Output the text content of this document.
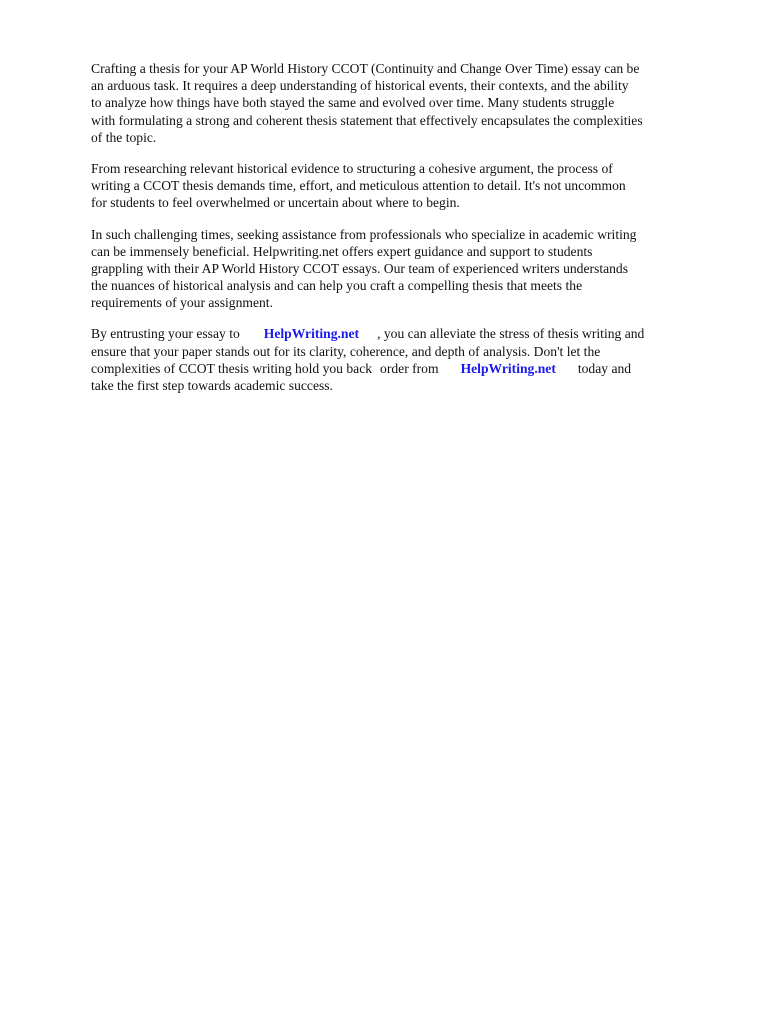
Crafting a thesis for your AP World History CCOT (Continuity and Change Over Time) essay can be
an arduous task. It requires a deep understanding of historical events, their contexts, and the ability
to analyze how things have both stayed the same and evolved over time. Many students struggle
with formulating a strong and coherent thesis statement that effectively encapsulates the complexities
of the topic.

From researching relevant historical evidence to structuring a cohesive argument, the process of
writing a CCOT thesis demands time, effort, and meticulous attention to detail. It's not uncommon
for students to feel overwhelmed or uncertain about where to begin.

In such challenging times, seeking assistance from professionals who specialize in academic writing
can be immensely beneficial. Helpwriting.net offers expert guidance and support to students
grappling with their AP World History CCOT essays. Our team of experienced writers understands
the nuances of historical analysis and can help you craft a compelling thesis that meets the
requirements of your assignment.

By entrusting your essay to HelpWriting.net , you can alleviate the stress of thesis writing and
ensure that your paper stands out for its clarity, coherence, and depth of analysis. Don't let the
complexities of CCOT thesis writing hold you back order from HelpWriting.net today and
take the first step towards academic success.
